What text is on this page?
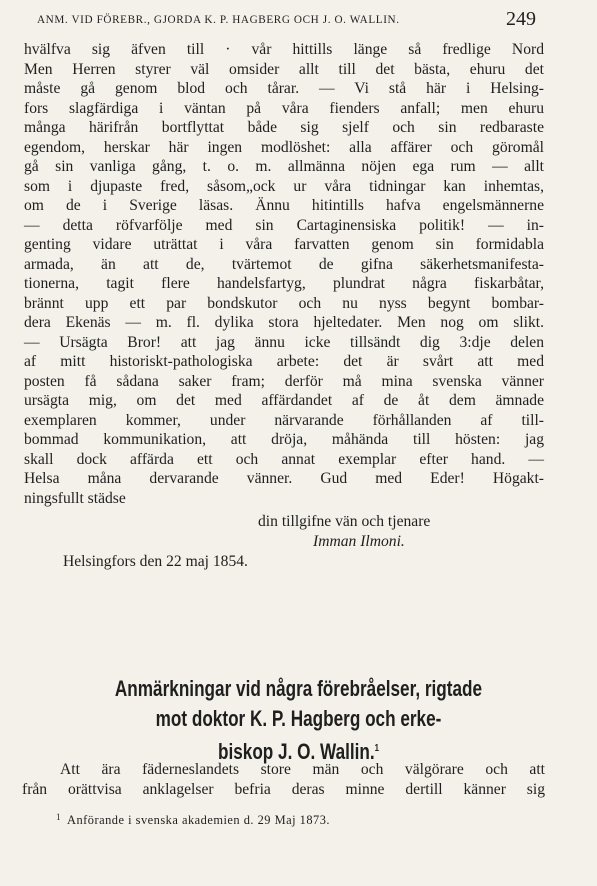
ANM. VID FÖREBR., GJORDA K. P. HAGBERG OCH J. O. WALLIN.	249
hvälfva sig äfven till · vår hittills länge så fredlige Nord
Men Herren styrer väl omsider allt till det bästa, ehuru det
måste gå genom blod och tårar. — Vi stå här i Helsing-
fors slagfärdiga i väntan på våra fienders anfall; men ehuru
många härifrån bortflyttat både sig sjelf och sin redbaraste
egendom, herskar här ingen modlöshet: alla affärer och göromål
gå sin vanliga gång, t. o. m. allmänna nöjen ega rum — allt
som i djupaste fred, såsom„ock ur våra tidningar kan inhemtas,
om de i Sverige läsas. Ännu hitintills hafva engelsmännerne
— detta röfvarfölje med sin Cartaginensiska politik! — in-
genting vidare uträttat i våra farvatten genom sin formidabla
armada, än att de, tvärtemot de gifna säkerhetsmanifesta-
tionerna, tagit flere handelsfartyg, plundrat några fiskarbåtar,
brännt upp ett par bondskutor och nu nyss begynt bombar-
dera Ekenäs — m. fl. dylika stora hjeltedater. Men nog om slikt.
— Ursägta Bror! att jag ännu icke tillsändt dig 3:dje delen
af mitt historiskt-pathologiska arbete: det är svårt att med
posten få sådana saker fram; derför må mina svenska vänner
ursägta mig, om det med affärdandet af de åt dem ämnade
exemplaren kommer, under närvarande förhållanden af till-
bommad kommunikation, att dröja, måhända till hösten: jag
skall dock affärda ett och annat exemplar efter hand. —
Helsa måna dervarande vänner. Gud med Eder! Högakt-
ningsfullt städse
din tillgifne vän och tjenare
Imman Ilmoni.
Helsingfors den 22 maj 1854.
Anmärkningar vid några förebråelser, rigtade
mot doktor K. P. Hagberg och erke-
biskop J. O. Wallin.$^1$
Att ära fäderneslandets store män och välgörare och att
från orättvisa anklagelser befria deras minne dertill känner sig
$^1$ Anförande i svenska akademien d. 29 Maj 1873.
